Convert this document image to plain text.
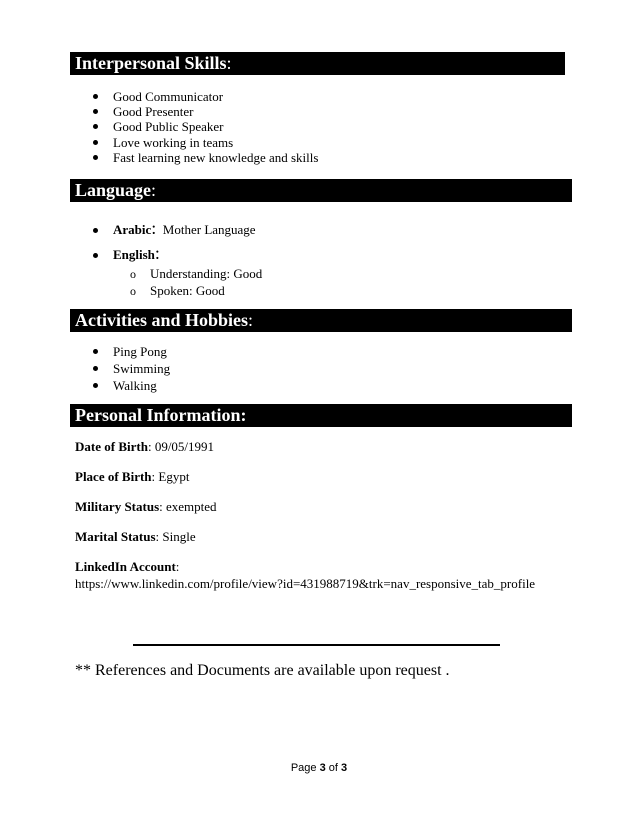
Interpersonal Skills:
Good Communicator
Good Presenter
Good Public Speaker
Love working in teams
Fast learning new knowledge and skills
Language:
Arabic: Mother Language
English:
o Understanding: Good
o Spoken: Good
Activities and Hobbies:
Ping Pong
Swimming
Walking
Personal Information:
Date of Birth: 09/05/1991
Place of Birth: Egypt
Military Status: exempted
Marital Status: Single
LinkedIn Account:
https://www.linkedin.com/profile/view?id=431988719&trk=nav_responsive_tab_profile
** References and Documents are available upon request .
Page 3 of 3
